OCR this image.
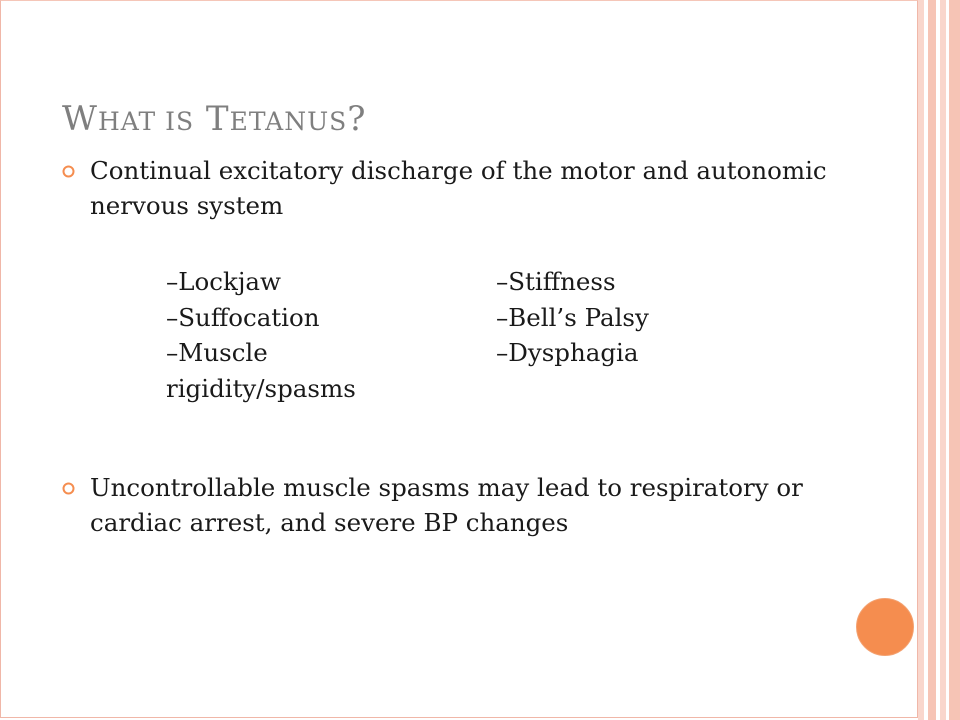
WHAT IS TETANUS?
Continual excitatory discharge of the motor and autonomic nervous system
–Lockjaw
–Suffocation
–Muscle rigidity/spasms
–Stiffness
–Bell’s Palsy
–Dysphagia
Uncontrollable muscle spasms may lead to respiratory or cardiac arrest, and severe BP changes
